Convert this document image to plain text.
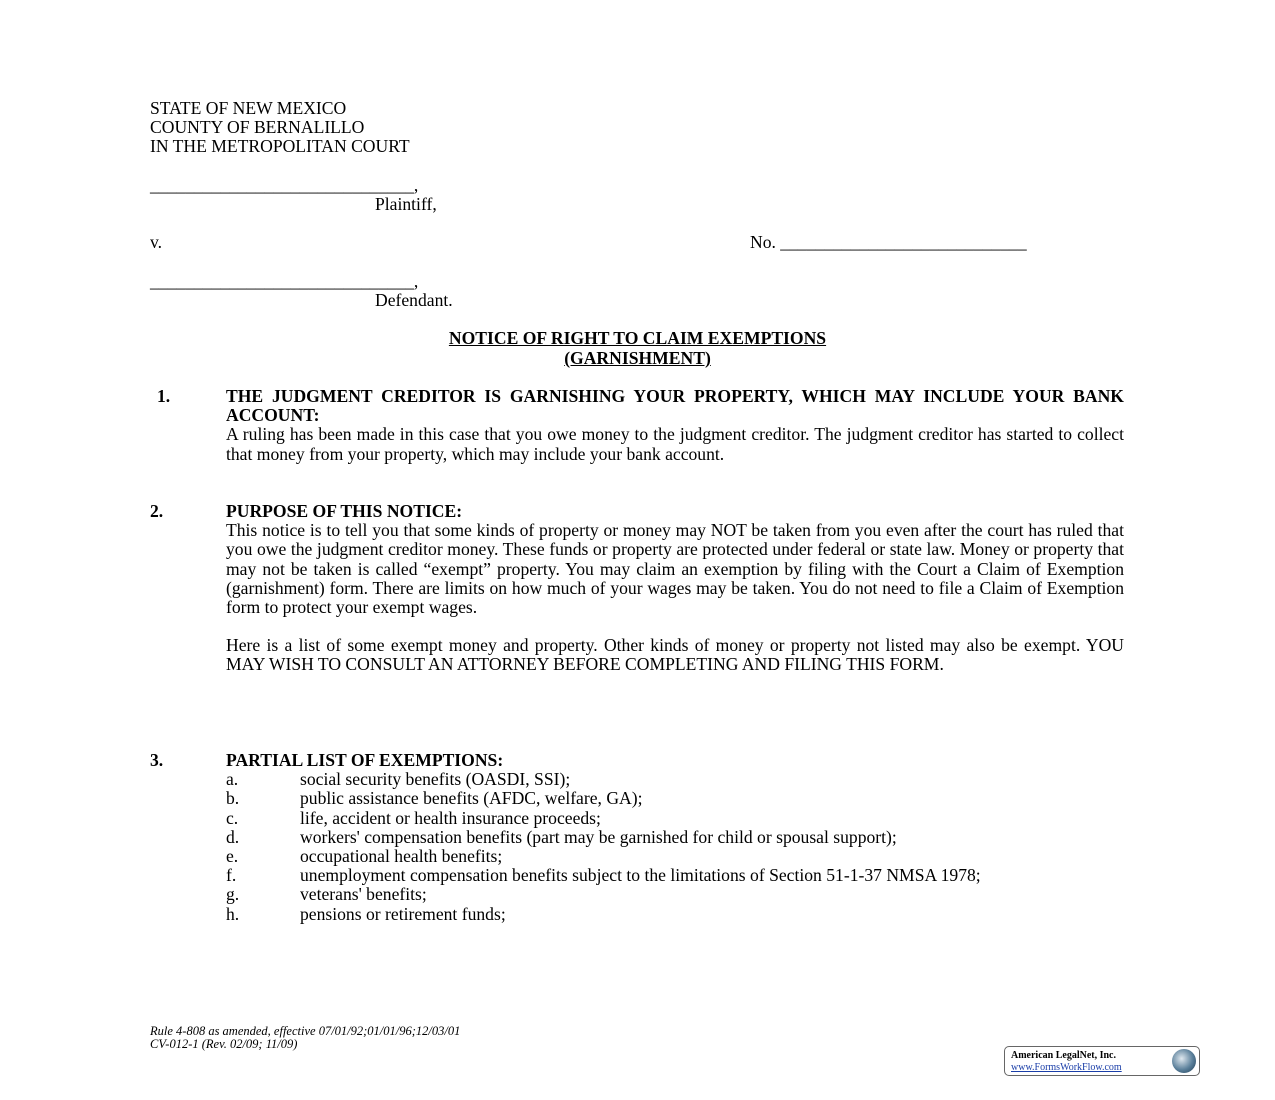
STATE OF NEW MEXICO
COUNTY OF BERNALILLO
IN THE METROPOLITAN COURT
______________________________,
Plaintiff,
v.	No. ____________________________
______________________________,
Defendant.
NOTICE OF RIGHT TO CLAIM EXEMPTIONS
(GARNISHMENT)
1.	THE JUDGMENT CREDITOR IS GARNISHING YOUR PROPERTY, WHICH MAY INCLUDE YOUR BANK ACCOUNT:
A ruling has been made in this case that you owe money to the judgment creditor. The judgment creditor has started to collect that money from your property, which may include your bank account.
2.	PURPOSE OF THIS NOTICE:
This notice is to tell you that some kinds of property or money may NOT be taken from you even after the court has ruled that you owe the judgment creditor money. These funds or property are protected under federal or state law. Money or property that may not be taken is called “exempt” property. You may claim an exemption by filing with the Court a Claim of Exemption (garnishment) form. There are limits on how much of your wages may be taken. You do not need to file a Claim of Exemption form to protect your exempt wages.
Here is a list of some exempt money and property. Other kinds of money or property not listed may also be exempt. YOU MAY WISH TO CONSULT AN ATTORNEY BEFORE COMPLETING AND FILING THIS FORM.
3.	PARTIAL LIST OF EXEMPTIONS:
a.	social security benefits (OASDI, SSI);
b.	public assistance benefits (AFDC, welfare, GA);
c.	life, accident or health insurance proceeds;
d.	workers' compensation benefits (part may be garnished for child or spousal support);
e.	occupational health benefits;
f.	unemployment compensation benefits subject to the limitations of Section 51-1-37 NMSA 1978;
g.	veterans' benefits;
h.	pensions or retirement funds;
Rule 4-808 as amended, effective 07/01/92;01/01/96;12/03/01
CV-012-1 (Rev. 02/09; 11/09)
American LegalNet, Inc.
www.FormsWorkFlow.com
